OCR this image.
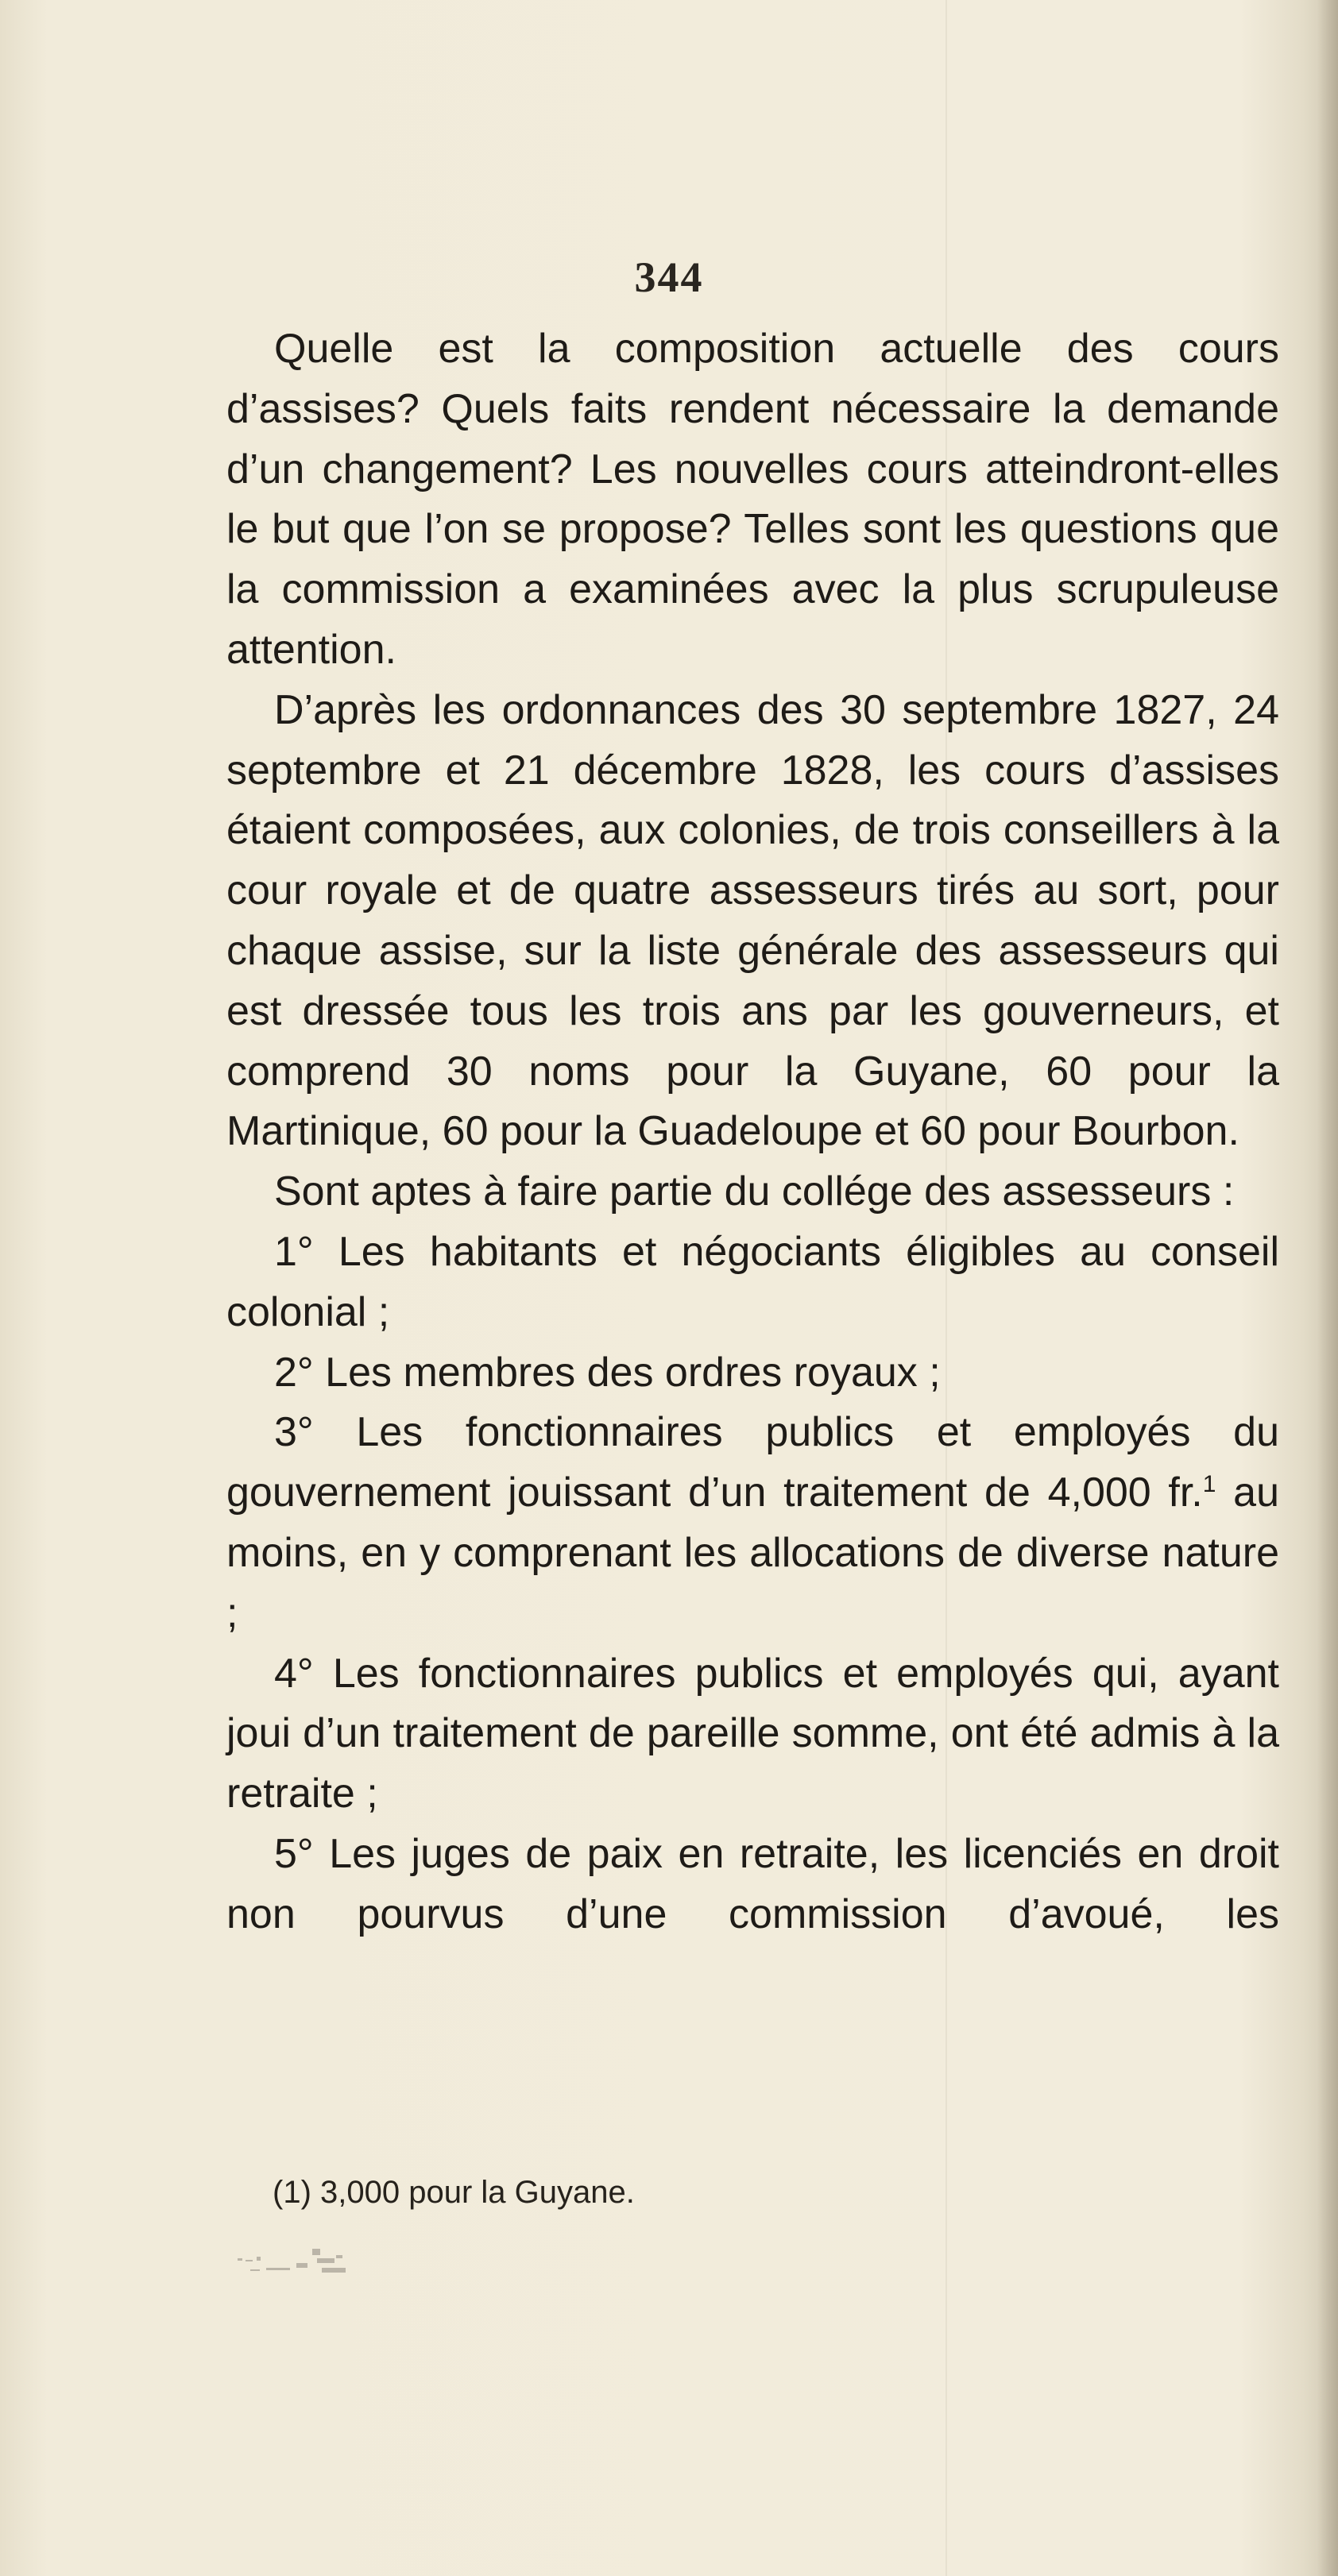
344

Quelle est la composition actuelle des cours d’assises? Quels faits rendent nécessaire la demande d’un changement? Les nouvelles cours atteindront-elles le but que l’on se propose? Telles sont les questions que la commission a examinées avec la plus scrupuleuse attention.

D’après les ordonnances des 30 septembre 1827, 24 septembre et 21 décembre 1828, les cours d’assises étaient composées, aux colonies, de trois conseillers à la cour royale et de quatre assesseurs tirés au sort, pour chaque assise, sur la liste générale des assesseurs qui est dressée tous les trois ans par les gouverneurs, et comprend 30 noms pour la Guyane, 60 pour la Martinique, 60 pour la Guadeloupe et 60 pour Bourbon.

Sont aptes à faire partie du collége des assesseurs :

1° Les habitants et négociants éligibles au conseil colonial ;

2° Les membres des ordres royaux ;

3° Les fonctionnaires publics et employés du gouvernement jouissant d’un traitement de 4,000 fr.$^1$ au moins, en y comprenant les allocations de diverse nature ;

4° Les fonctionnaires publics et employés qui, ayant joui d’un traitement de pareille somme, ont été admis à la retraite ;

5° Les juges de paix en retraite, les licenciés en droit non pourvus d’une commission d’avoué, les

(1) 3,000 pour la Guyane.
